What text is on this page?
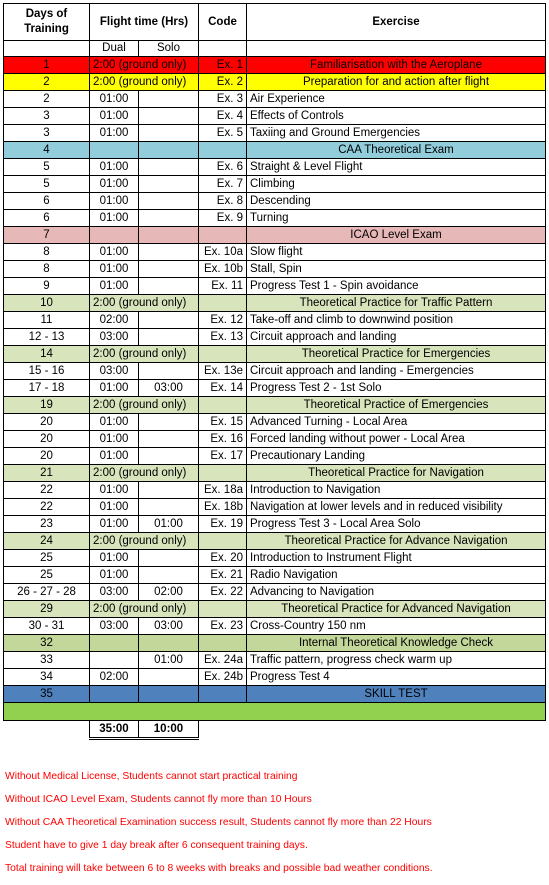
Days of Training	Flight time (Hrs)		Code	Exercise
	Dual	Solo		
1	2:00 (ground only)		Ex. 1	Familiarisation with the Aeroplane
2	2:00 (ground only)		Ex. 2	Preparation for and action after flight
2	01:00		Ex. 3	Air Experience
3	01:00		Ex. 4	Effects of Controls
3	01:00		Ex. 5	Taxiing and Ground Emergencies
4				CAA Theoretical Exam
5	01:00		Ex. 6	Straight & Level Flight
5	01:00		Ex. 7	Climbing
6	01:00		Ex. 8	Descending
6	01:00		Ex. 9	Turning
7				ICAO Level Exam
8	01:00		Ex. 10a	Slow flight
8	01:00		Ex. 10b	Stall, Spin
9	01:00		Ex. 11	Progress Test 1 - Spin avoidance
10	2:00 (ground only)			Theoretical Practice for Traffic Pattern
11	02:00		Ex. 12	Take-off and climb to downwind position
12 - 13	03:00		Ex. 13	Circuit approach and landing
14	2:00 (ground only)			Theoretical Practice for Emergencies
15 - 16	03:00		Ex. 13e	Circuit approach and landing - Emergencies
17 - 18	01:00	03:00	Ex. 14	Progress Test 2 - 1st Solo
19	2:00 (ground only)			Theoretical Practice of Emergencies
20	01:00		Ex. 15	Advanced Turning - Local Area
20	01:00		Ex. 16	Forced landing without power - Local Area
20	01:00		Ex. 17	Precautionary Landing
21	2:00 (ground only)			Theoretical Practice for Navigation
22	01:00		Ex. 18a	Introduction to Navigation
22	01:00		Ex. 18b	Navigation at lower levels and in reduced visibility
23	01:00	01:00	Ex. 19	Progress Test 3 - Local Area Solo
24	2:00 (ground only)			Theoretical Practice for Advance Navigation
25	01:00		Ex. 20	Introduction to Instrument Flight
25	01:00		Ex. 21	Radio Navigation
26 - 27 - 28	03:00	02:00	Ex. 22	Advancing to Navigation
29	2:00 (ground only)			Theoretical Practice for Advanced Navigation
30 - 31	03:00	03:00	Ex. 23	Cross-Country 150 nm
32				Internal Theoretical Knowledge Check
33		01:00	Ex. 24a	Traffic pattern, progress check warm up
34	02:00		Ex. 24b	Progress Test 4
35				SKILL TEST

	35:00	10:00		
Without Medical License, Students cannot start practical training
Without ICAO Level Exam, Students cannot fly more than 10 Hours
Without CAA Theoretical Examination success result, Students cannot fly more than 22 Hours
Student have to give 1 day break after 6 consequent training days.
Total training will take between 6 to 8 weeks with breaks and possible bad weather conditions.
